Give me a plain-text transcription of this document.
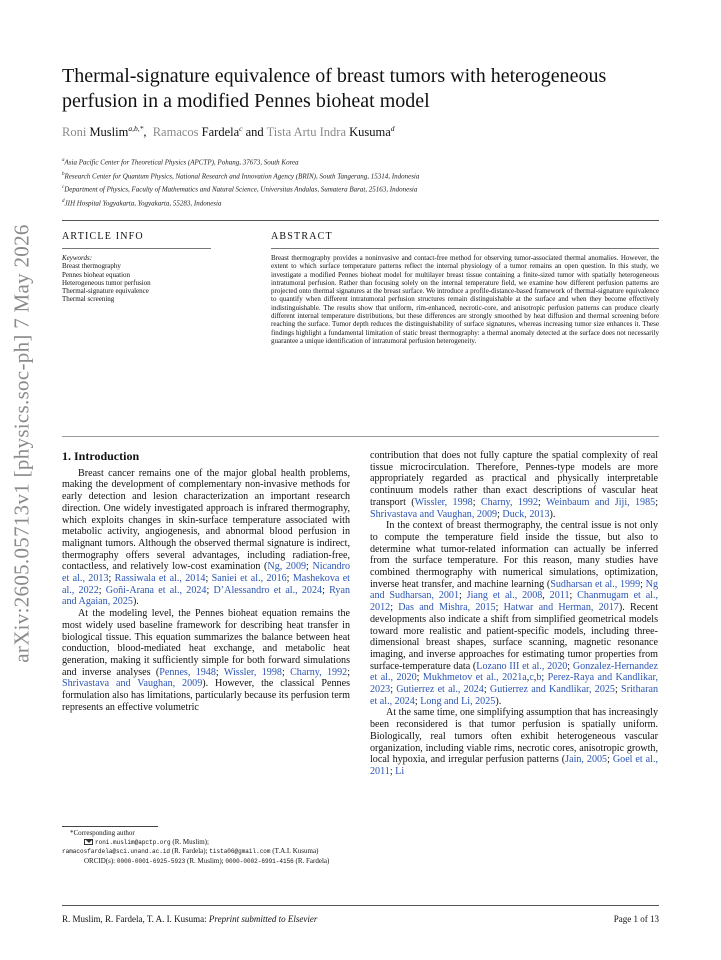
arXiv:2605.05713v1 [physics.soc-ph] 7 May 2026
Thermal-signature equivalence of breast tumors with heterogeneous perfusion in a modified Pennes bioheat model
Roni Muslim$^{a,b,*}$, Ramacos Fardela$^c$ and Tista Artu Indra Kusuma$^d$
$^a$Asia Pacific Center for Theoretical Physics (APCTP), Pohang, 37673, South Korea
$^b$Research Center for Quantum Physics, National Research and Innovation Agency (BRIN), South Tangerang, 15314, Indonesia
$^c$Department of Physics, Faculty of Mathematics and Natural Science, Universitas Andalas, Sumatera Barat, 25163, Indonesia
$^d$JIH Hospital Yogyakarta, Yogyakarta, 55283, Indonesia
ARTICLE INFO	ABSTRACT
Keywords:
Breast thermography
Pennes bioheat equation
Heterogeneous tumor perfusion
Thermal-signature equivalence
Thermal screening
Breast thermography provides a noninvasive and contact-free method for observing tumor-associated thermal anomalies. However, the extent to which surface temperature patterns reflect the internal physiology of a tumor remains an open question. In this study, we investigate a modified Pennes bioheat model for multilayer breast tissue containing a finite-sized tumor with spatially heterogeneous intratumoral perfusion. Rather than focusing solely on the internal temperature field, we examine how different perfusion patterns are projected onto thermal signatures at the breast surface. We introduce a profile-distance-based framework of thermal-signature equivalence to quantify when different intratumoral perfusion structures remain distinguishable at the surface and when they become effectively indistinguishable. The results show that uniform, rim-enhanced, necrotic-core, and anisotropic perfusion patterns can produce clearly different internal temperature distributions, but these differences are strongly smoothed by heat diffusion and thermal screening before reaching the surface. Tumor depth reduces the distinguishability of surface signatures, whereas increasing tumor size enhances it. These findings highlight a fundamental limitation of static breast thermography: a thermal anomaly detected at the surface does not necessarily guarantee a unique identification of intratumoral perfusion heterogeneity.
1. Introduction

Breast cancer remains one of the major global health problems, making the development of complementary non-invasive methods for early detection and lesion characterization an important research direction. One widely investigated approach is infrared thermography, which exploits changes in skin-surface temperature associated with metabolic activity, angiogenesis, and abnormal blood perfusion in malignant tumors. Although the observed thermal signature is indirect, thermography offers several advantages, including radiation-free, contactless, and relatively low-cost examination (Ng, 2009; Nicandro et al., 2013; Rassiwala et al., 2014; Saniei et al., 2016; Mashekova et al., 2022; Goñi-Arana et al., 2024; D’Alessandro et al., 2024; Ryan and Agaian, 2025).

At the modeling level, the Pennes bioheat equation remains the most widely used baseline framework for describing heat transfer in biological tissue. This equation summarizes the balance between heat conduction, blood-mediated heat exchange, and metabolic heat generation, making it sufficiently simple for both forward simulations and inverse analyses (Pennes, 1948; Wissler, 1998; Charny, 1992; Shrivastava and Vaughan, 2009). However, the classical Pennes formulation also has limitations, particularly because its perfusion term represents an effective volumetric

contribution that does not fully capture the spatial complexity of real tissue microcirculation. Therefore, Pennes-type models are more appropriately regarded as practical and physically interpretable continuum models rather than exact descriptions of vascular heat transport (Wissler, 1998; Charny, 1992; Weinbaum and Jiji, 1985; Shrivastava and Vaughan, 2009; Duck, 2013).

In the context of breast thermography, the central issue is not only to compute the temperature field inside the tissue, but also to determine what tumor-related information can actually be inferred from the surface temperature. For this reason, many studies have combined thermography with numerical simulations, optimization, inverse heat transfer, and machine learning (Sudharsan et al., 1999; Ng and Sudharsan, 2001; Jiang et al., 2008, 2011; Chanmugam et al., 2012; Das and Mishra, 2015; Hatwar and Herman, 2017). Recent developments also indicate a shift from simplified geometrical models toward more realistic and patient-specific models, including three-dimensional breast shapes, surface scanning, magnetic resonance imaging, and inverse approaches for estimating tumor properties from surface-temperature data (Lozano III et al., 2020; Gonzalez-Hernandez et al., 2020; Mukhmetov et al., 2021a,c,b; Perez-Raya and Kandlikar, 2023; Gutierrez et al., 2024; Gutierrez and Kandlikar, 2025; Sritharan et al., 2024; Long and Li, 2025).

At the same time, one simplifying assumption that has increasingly been reconsidered is that tumor perfusion is spatially uniform. Biologically, real tumors often exhibit heterogeneous vascular organization, including viable rims, necrotic cores, anisotropic growth, local hypoxia, and irregular perfusion patterns (Jain, 2005; Goel et al., 2011; Li

*Corresponding author
roni.muslim@apctp.org (R. Muslim);
ramacosfardela@sci.unand.ac.id (R. Fardela); tista06@gmail.com (T.A.I. Kusuma)
ORCID(s): 0000-0001-6925-5923 (R. Muslim); 0000-0002-6991-4156 (R. Fardela)
R. Muslim, R. Fardela, T. A. I. Kusuma: Preprint submitted to Elsevier	Page 1 of 13
